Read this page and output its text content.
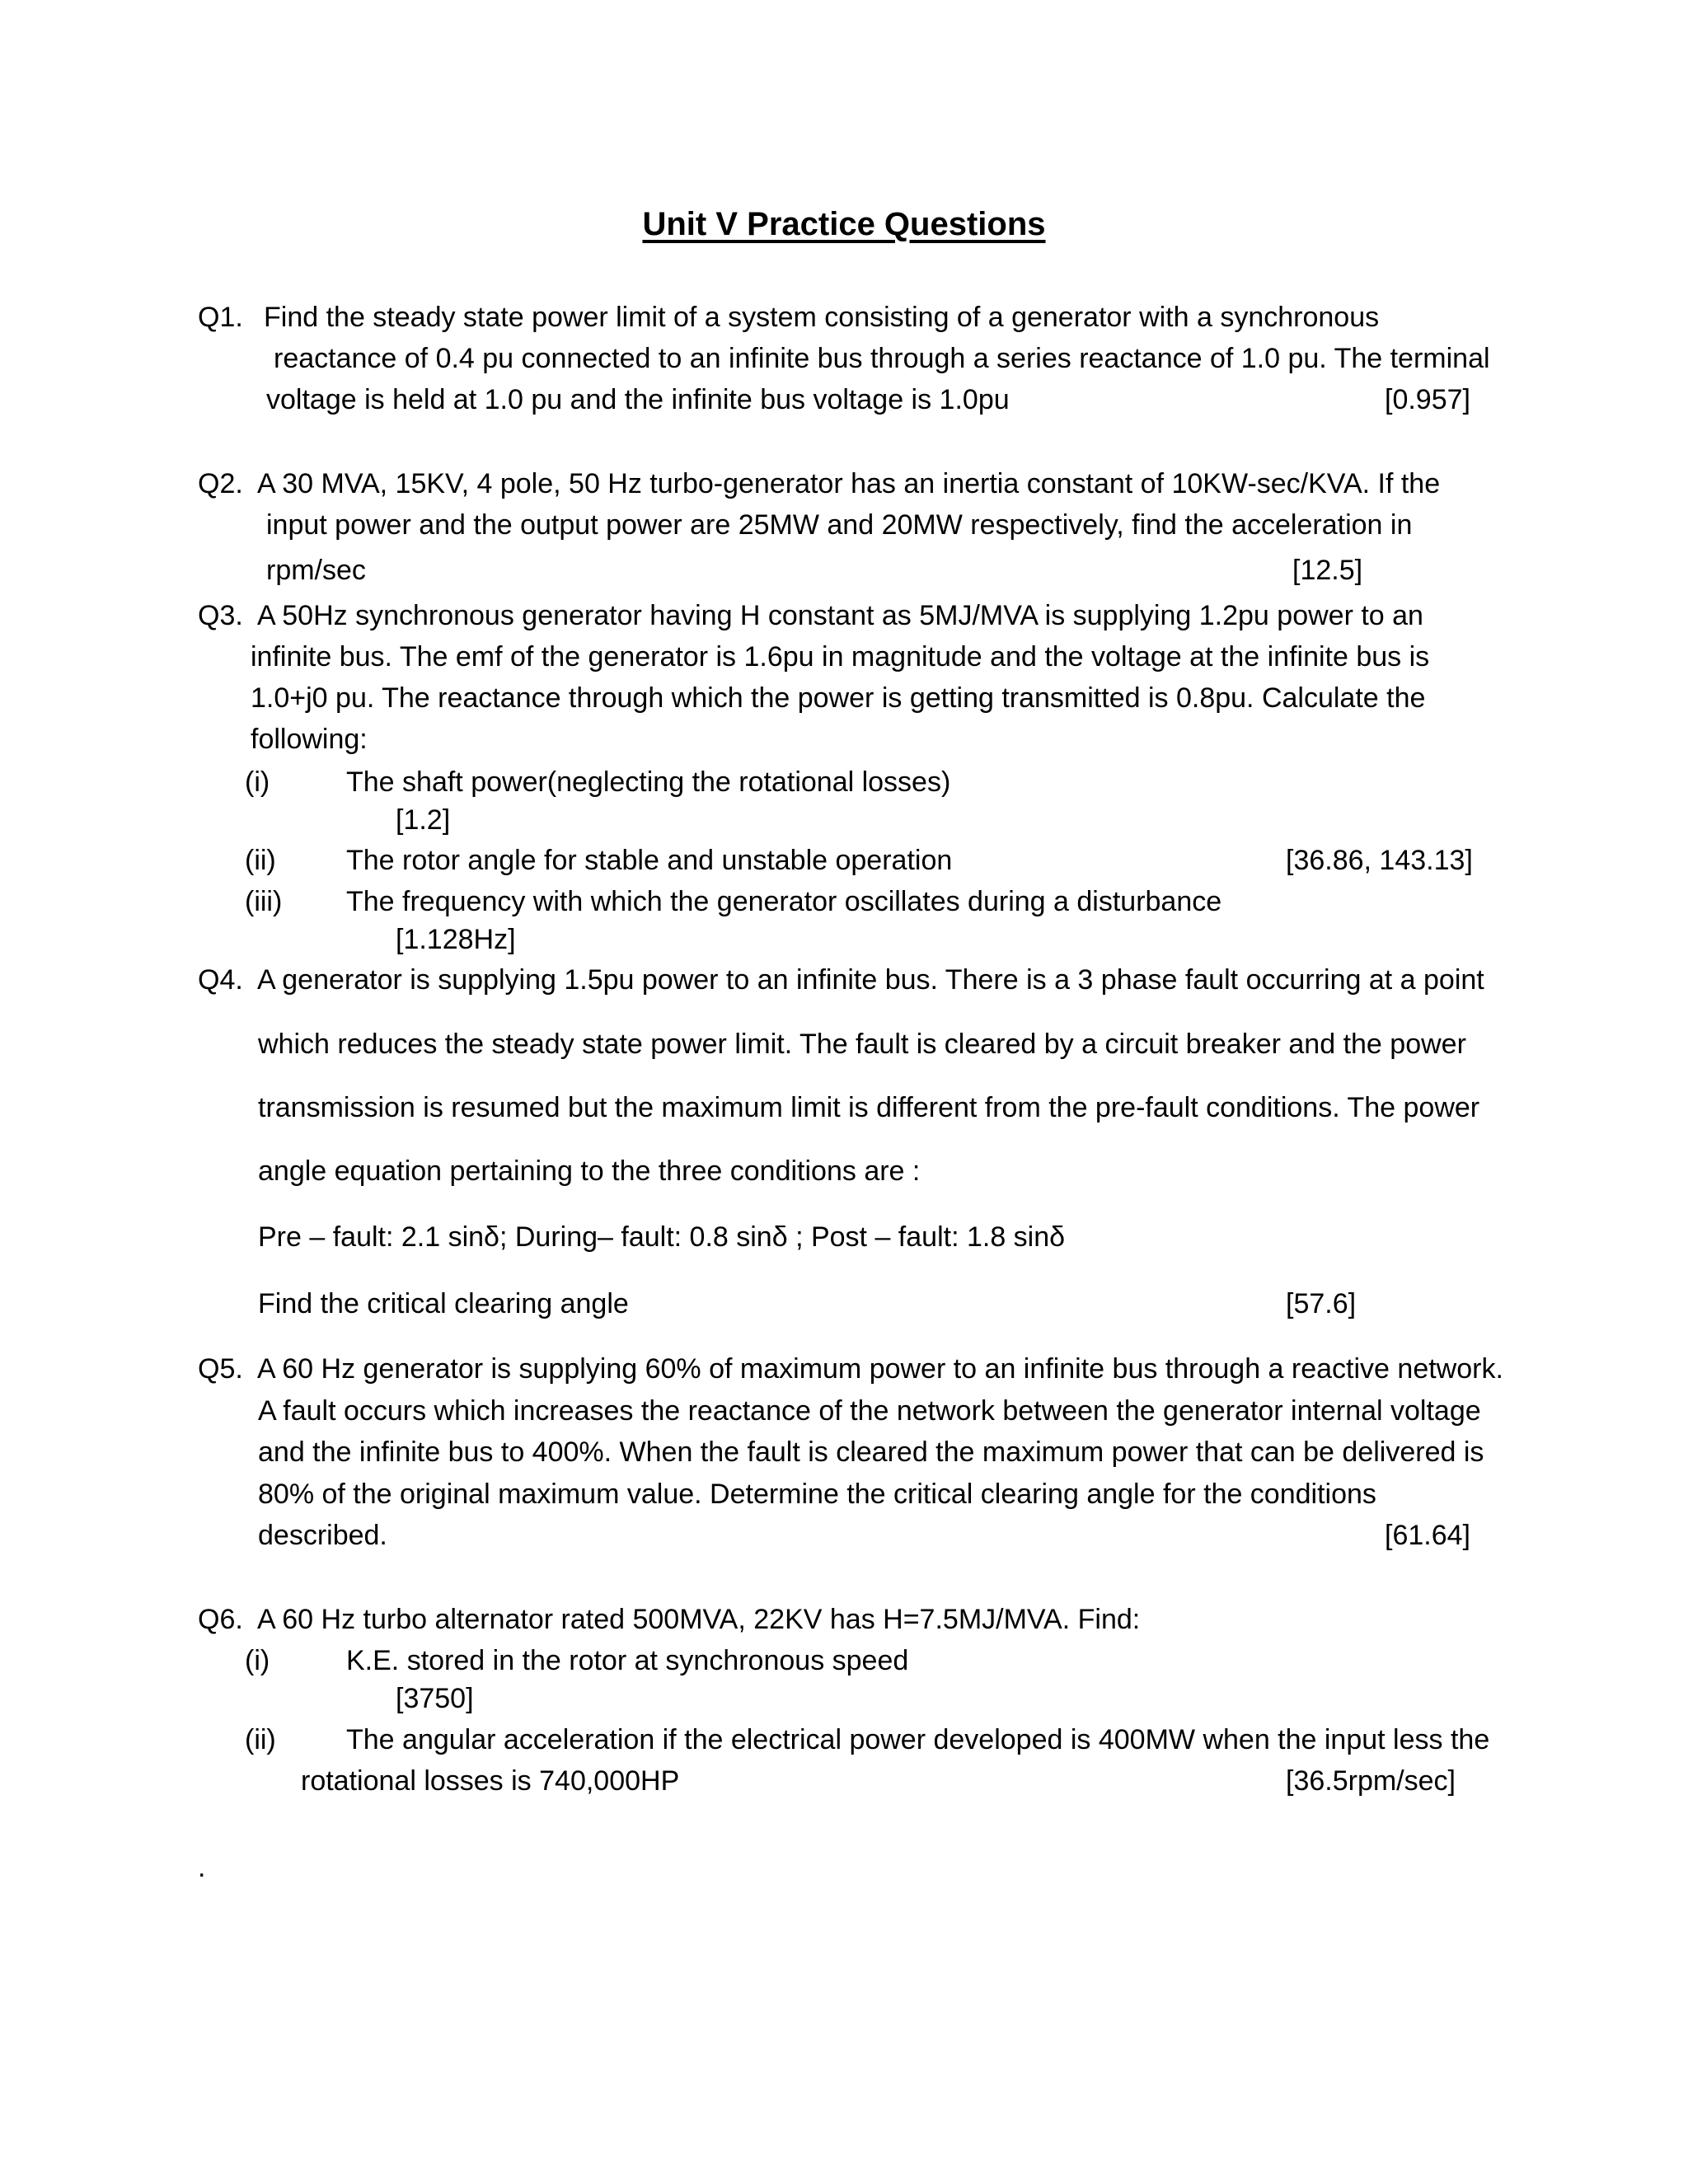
Unit V Practice Questions
Q1. Find the steady state power limit of a system consisting of a generator with a synchronous
reactance of 0.4 pu connected to an infinite bus through a series reactance of 1.0 pu. The terminal
voltage is held at 1.0 pu and the infinite bus voltage is 1.0pu	[0.957]
Q2. A 30 MVA, 15KV, 4 pole, 50 Hz turbo-generator has an inertia constant of 10KW-sec/KVA. If the
input power and the output power are 25MW and 20MW respectively, find the acceleration in
rpm/sec	[12.5]
Q3. A 50Hz synchronous generator having H constant as 5MJ/MVA is supplying 1.2pu power to an
infinite bus. The emf of the generator is 1.6pu in magnitude and the voltage at the infinite bus is
1.0+j0 pu. The reactance through which the power is getting transmitted is 0.8pu. Calculate the
following:
(i)	The shaft power(neglecting the rotational losses)
[1.2]
(ii)	The rotor angle for stable and unstable operation	[36.86, 143.13]
(iii) The frequency with which the generator oscillates during a disturbance
[1.128Hz]
Q4. A generator is supplying 1.5pu power to an infinite bus. There is a 3 phase fault occurring at a point
which reduces the steady state power limit. The fault is cleared by a circuit breaker and the power
transmission is resumed but the maximum limit is different from the pre-fault conditions. The power
angle equation pertaining to the three conditions are :
Pre – fault: 2.1 sinδ; During– fault: 0.8 sinδ ; Post – fault: 1.8 sinδ
Find the critical clearing angle	[57.6]
Q5. A 60 Hz generator is supplying 60% of maximum power to an infinite bus through a reactive network.
A fault occurs which increases the reactance of the network between the generator internal voltage
and the infinite bus to 400%. When the fault is cleared the maximum power that can be delivered is
80% of the original maximum value. Determine the critical clearing angle for the conditions
described.	[61.64]
Q6. A 60 Hz turbo alternator rated 500MVA, 22KV has H=7.5MJ/MVA. Find:
(i)	K.E. stored in the rotor at synchronous speed
[3750]
(ii)	The angular acceleration if the electrical power developed is 400MW when the input less the
rotational losses is 740,000HP	[36.5rpm/sec]
.
